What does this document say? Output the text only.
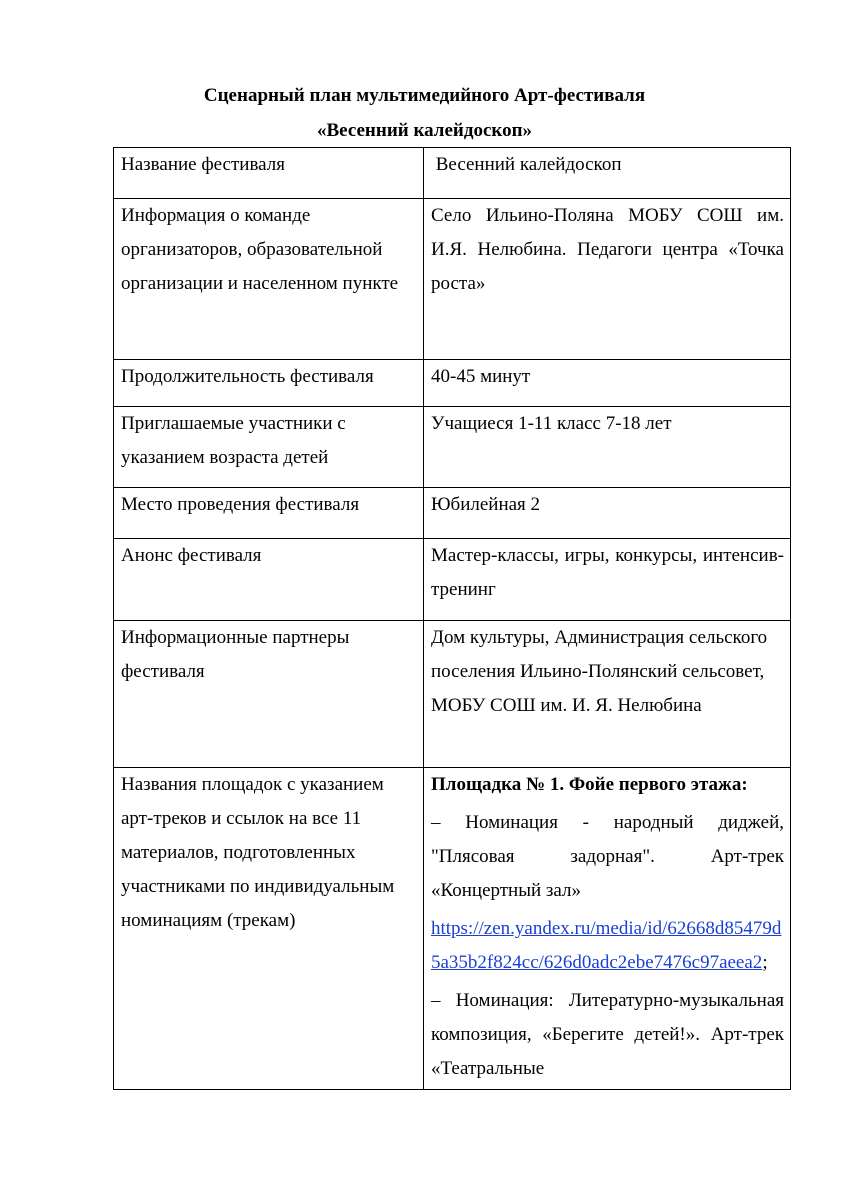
Сценарный план мультимедийного Арт-фестиваля
«Весенний калейдоскоп»
Название фестиваля	Весенний калейдоскоп
Информация о команде организаторов, образовательной организации и населенном пункте	Село Ильино-Поляна МОБУ СОШ им. И.Я. Нелюбина. Педагоги центра «Точка роста»
Продолжительность фестиваля	40-45 минут
Приглашаемые участники с указанием возраста детей	Учащиеся 1-11 класс 7-18 лет
Место проведения фестиваля	Юбилейная 2
Анонс фестиваля	Мастер-классы, игры, конкурсы, интенсив-тренинг
Информационные партнеры фестиваля	Дом культуры, Администрация сельского поселения Ильино-Полянский сельсовет, МОБУ СОШ им. И. Я. Нелюбина
Названия площадок с указанием арт-треков и ссылок на все 11 материалов, подготовленных участниками по индивидуальным номинациям (трекам)	Площадка № 1. Фойе первого этажа:

– Номинация - народный диджей, "Плясовая задорная". Арт-трек «Концертный зал»

https://zen.yandex.ru/media/id/62668d85479d5a35b2f824cc/626d0adc2ebe7476c97aeea2;

– Номинация: Литературно-музыкальная композиция, «Берегите детей!». Арт-трек «Театральные
